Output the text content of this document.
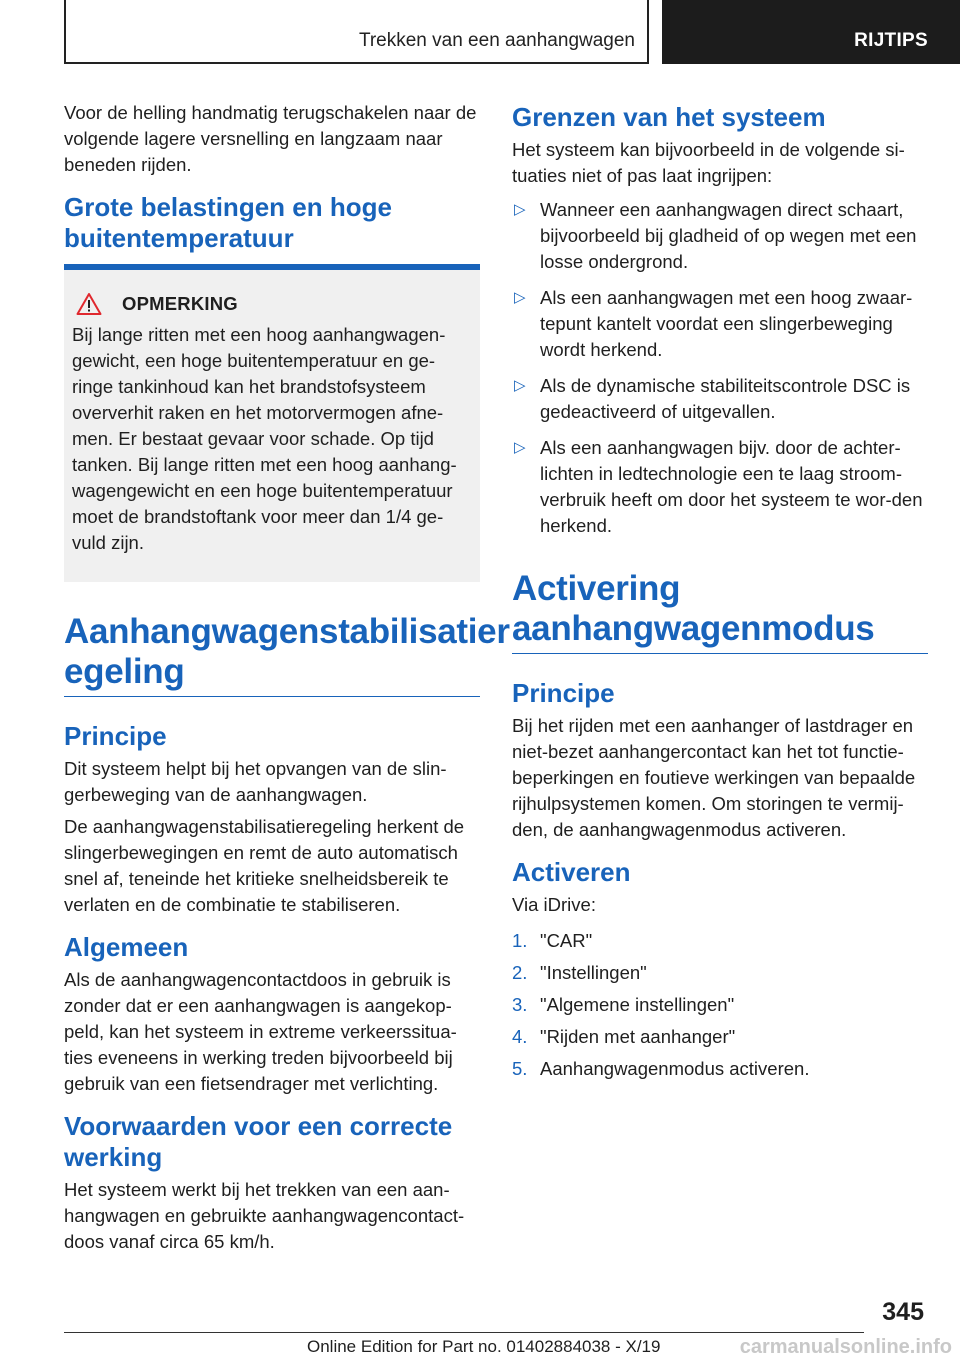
Trekken van een aanhangwagen	RIJTIPS

Voor de helling handmatig terugschakelen naar de volgende lagere versnelling en langzaam naar beneden rijden.

Grote belastingen en hoge buitentemperatuur
OPMERKING

Bij lange ritten met een hoog aanhangwagen-gewicht, een hoge buitentemperatuur en ge-ringe tankinhoud kan het brandstofsysteem oververhit raken en het motorvermogen afne-men. Er bestaat gevaar voor schade. Op tijd tanken. Bij lange ritten met een hoog aanhang-wagengewicht en een hoge buitentemperatuur moet de brandstoftank voor meer dan 1/4 ge-vuld zijn.

Aanhangwagenstabilisatier egeling
Principe

Dit systeem helpt bij het opvangen van de slin-gerbeweging van de aanhangwagen.

De aanhangwagenstabilisatieregeling herkent de slingerbewegingen en remt de auto automatisch snel af, teneinde het kritieke snelheidsbereik te verlaten en de combinatie te stabiliseren.

Algemeen

Als de aanhangwagencontactdoos in gebruik is zonder dat er een aanhangwagen is aangekop-peld, kan het systeem in extreme verkeerssitua-ties eveneens in werking treden bijvoorbeeld bij gebruik van een fietsendrager met verlichting.

Voorwaarden voor een correcte werking

Het systeem werkt bij het trekken van een aan-hangwagen en gebruikte aanhangwagencontact-doos vanaf circa 65 km/h.

Grenzen van het systeem

Het systeem kan bijvoorbeeld in de volgende si-tuaties niet of pas laat ingrijpen:

▷ Wanneer een aanhangwagen direct schaart, bijvoorbeeld bij gladheid of op wegen met een losse ondergrond.
▷ Als een aanhangwagen met een hoog zwaar-tepunt kantelt voordat een slingerbeweging wordt herkend.
▷ Als de dynamische stabiliteitscontrole DSC is gedeactiveerd of uitgevallen.
▷ Als een aanhangwagen bijv. door de achter-lichten in ledtechnologie een te laag stroom-verbruik heeft om door het systeem te wor-den herkend.
Activering aanhangwagenmodus
Principe

Bij het rijden met een aanhanger of lastdrager en niet-bezet aanhangercontact kan het tot functie-beperkingen en foutieve werkingen van bepaalde rijhulpsystemen komen. Om storingen te vermij-den, de aanhangwagenmodus activeren.

Activeren

Via iDrive:

1. "CAR"
2. "Instellingen"
3. "Algemene instellingen"
4. "Rijden met aanhanger"
5. Aanhangwagenmodus activeren.
345
Online Edition for Part no. 01402884038 - X/19	carmanualsonline.info
